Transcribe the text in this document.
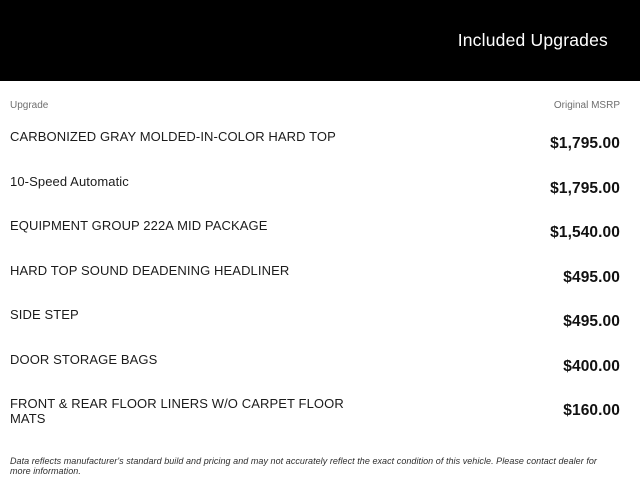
Included Upgrades
Upgrade	Original MSRP
CARBONIZED GRAY MOLDED-IN-COLOR HARD TOP	$1,795.00
10-Speed Automatic	$1,795.00
EQUIPMENT GROUP 222A MID PACKAGE	$1,540.00
HARD TOP SOUND DEADENING HEADLINER	$495.00
SIDE STEP	$495.00
DOOR STORAGE BAGS	$400.00
FRONT & REAR FLOOR LINERS W/O CARPET FLOOR MATS	$160.00
Data reflects manufacturer's standard build and pricing and may not accurately reflect the exact condition of this vehicle. Please contact dealer for more information.
